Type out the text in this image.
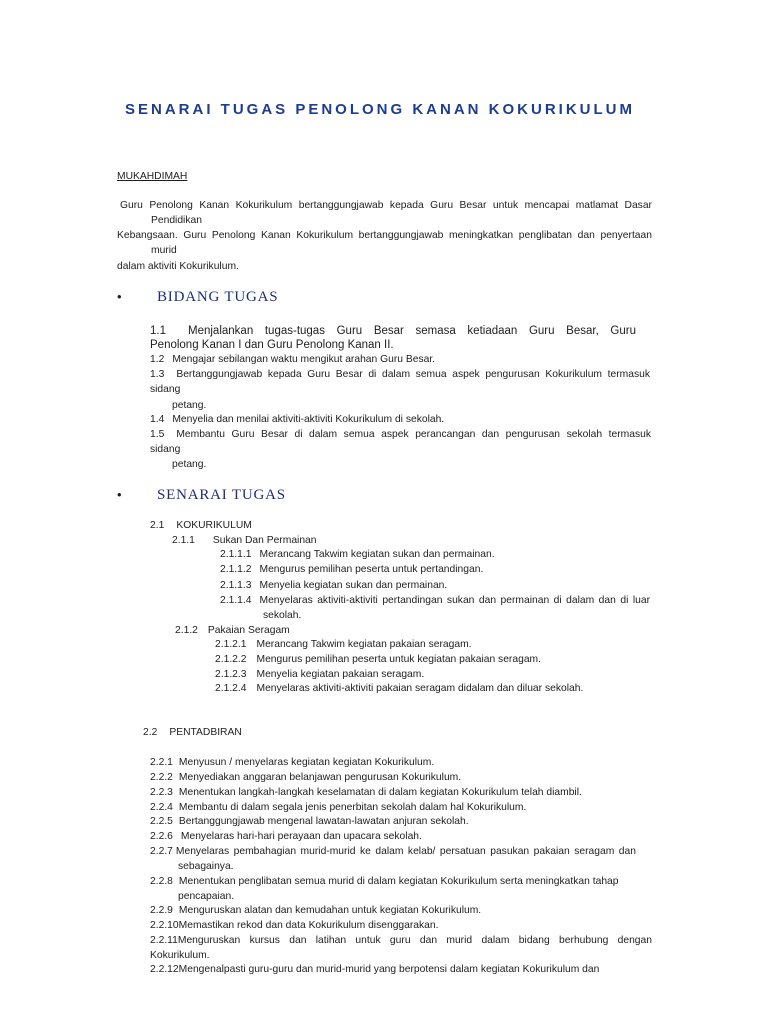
SENARAI TUGAS PENOLONG KANAN KOKURIKULUM
MUKAHDIMAH
Guru Penolong Kanan Kokurikulum bertanggungjawab kepada Guru Besar untuk mencapai matlamat Dasar
Pendidikan
Kebangsaan. Guru Penolong Kanan Kokurikulum bertanggungjawab meningkatkan penglibatan dan penyertaan
murid
dalam aktiviti Kokurikulum.
• BIDANG TUGAS
1.1 Menjalankan tugas-tugas Guru Besar semasa ketiadaan Guru Besar, Guru
Penolong Kanan I dan Guru Penolong Kanan II.
1.2 Mengajar sebilangan waktu mengikut arahan Guru Besar.
1.3 Bertanggungjawab kepada Guru Besar di dalam semua aspek pengurusan Kokurikulum termasuk
sidang
petang.
1.4 Menyelia dan menilai aktiviti-aktiviti Kokurikulum di sekolah.
1.5 Membantu Guru Besar di dalam semua aspek perancangan dan pengurusan sekolah termasuk
sidang
petang.
• SENARAI TUGAS
2.1 KOKURIKULUM
2.1.1 Sukan Dan Permainan
2.1.1.1 Merancang Takwim kegiatan sukan dan permainan.
2.1.1.2 Mengurus pemilihan peserta untuk pertandingan.
2.1.1.3 Menyelia kegiatan sukan dan permainan.
2.1.1.4 Menyelaras aktiviti-aktiviti pertandingan sukan dan permainan di dalam dan di luar
sekolah.
2.1.2 Pakaian Seragam
2.1.2.1 Merancang Takwim kegiatan pakaian seragam.
2.1.2.2 Mengurus pemilihan peserta untuk kegiatan pakaian seragam.
2.1.2.3 Menyelia kegiatan pakaian seragam.
2.1.2.4 Menyelaras aktiviti-aktiviti pakaian seragam didalam dan diluar sekolah.
2.2 PENTADBIRAN
2.2.1 Menyusun / menyelaras kegiatan kegiatan Kokurikulum.
2.2.2 Menyediakan anggaran belanjawan pengurusan Kokurikulum.
2.2.3 Menentukan langkah-langkah keselamatan di dalam kegiatan Kokurikulum telah diambil.
2.2.4 Membantu di dalam segala jenis penerbitan sekolah dalam hal Kokurikulum.
2.2.5 Bertanggungjawab mengenal lawatan-lawatan anjuran sekolah.
2.2.6 Menyelaras hari-hari perayaan dan upacara sekolah.
2.2.7 Menyelaras pembahagian murid-murid ke dalam kelab/ persatuan pasukan pakaian seragam dan
sebagainya.
2.2.8 Menentukan penglibatan semua murid di dalam kegiatan Kokurikulum serta meningkatkan tahap
pencapaian.
2.2.9 Menguruskan alatan dan kemudahan untuk kegiatan Kokurikulum.
2.2.10Memastikan rekod dan data Kokurikulum disenggarakan.
2.2.11Menguruskan kursus dan latihan untuk guru dan murid dalam bidang berhubung dengan
Kokurikulum.
2.2.12Mengenalpasti guru-guru dan murid-murid yang berpotensi dalam kegiatan Kokurikulum dan
